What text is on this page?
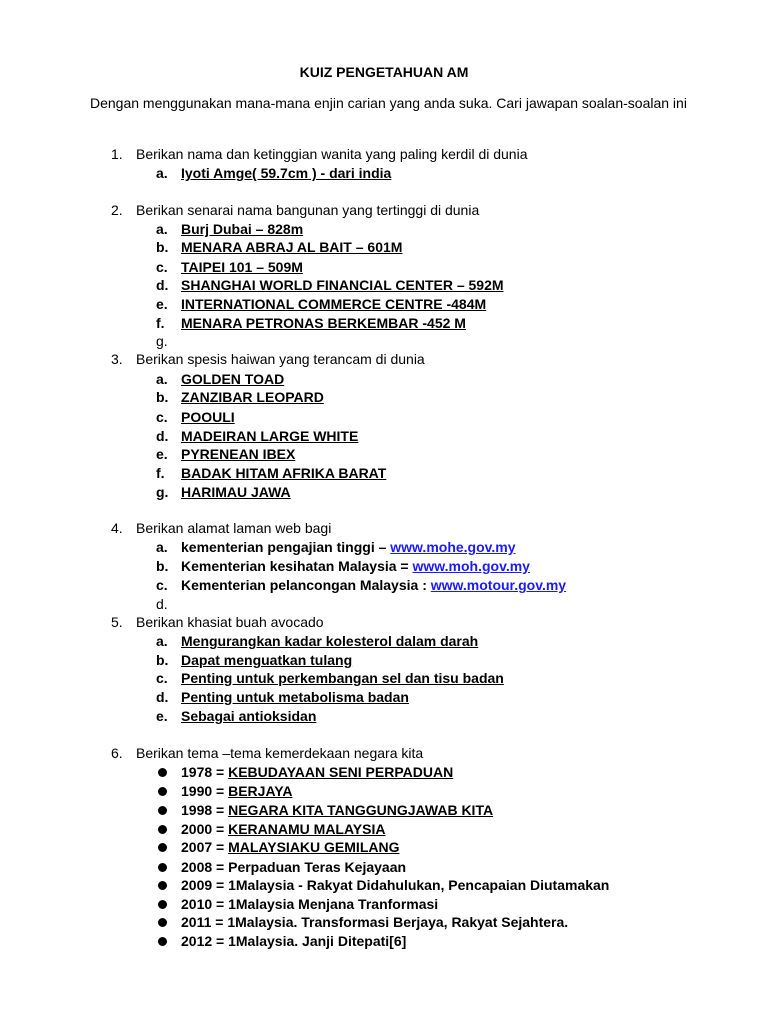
KUIZ PENGETAHUAN AM
Dengan menggunakan mana-mana enjin carian yang anda suka. Cari jawapan soalan-soalan ini
1. Berikan nama dan ketinggian wanita yang paling kerdil di dunia
a. Iyoti Amge( 59.7cm ) - dari india
2. Berikan senarai nama bangunan yang tertinggi di dunia
a. Burj Dubai – 828m
b. MENARA ABRAJ AL BAIT – 601M
c. TAIPEI 101 – 509M
d. SHANGHAI WORLD FINANCIAL CENTER – 592M
e. INTERNATIONAL COMMERCE CENTRE -484M
f.	MENARA PETRONAS BERKEMBAR -452 M
g.
3. Berikan spesis haiwan yang terancam di dunia
a. GOLDEN TOAD
b. ZANZIBAR LEOPARD
c. POOULI
d. MADEIRAN LARGE WHITE
e. PYRENEAN IBEX
f.	BADAK HITAM AFRIKA BARAT
g. HARIMAU JAWA
4. Berikan alamat laman web bagi
a. kementerian pengajian tinggi – www.mohe.gov.my
b. Kementerian kesihatan Malaysia = www.moh.gov.my
c. Kementerian pelancongan Malaysia : www.motour.gov.my
d.
5. Berikan khasiat buah avocado
a. Mengurangkan kadar kolesterol dalam darah
b. Dapat menguatkan tulang
c. Penting untuk perkembangan sel dan tisu badan
d. Penting untuk metabolisma badan
e. Sebagai antioksidan
6. Berikan tema –tema kemerdekaan negara kita
1978 = KEBUDAYAAN SENI PERPADUAN
1990 = BERJAYA
1998 = NEGARA KITA TANGGUNGJAWAB KITA
2000 = KERANAMU MALAYSIA
2007 = MALAYSIAKU GEMILANG
2008 = Perpaduan Teras Kejayaan
2009 = 1Malaysia - Rakyat Didahulukan, Pencapaian Diutamakan
2010 = 1Malaysia Menjana Tranformasi
2011 = 1Malaysia. Transformasi Berjaya, Rakyat Sejahtera.
2012 = 1Malaysia. Janji Ditepati[6]
